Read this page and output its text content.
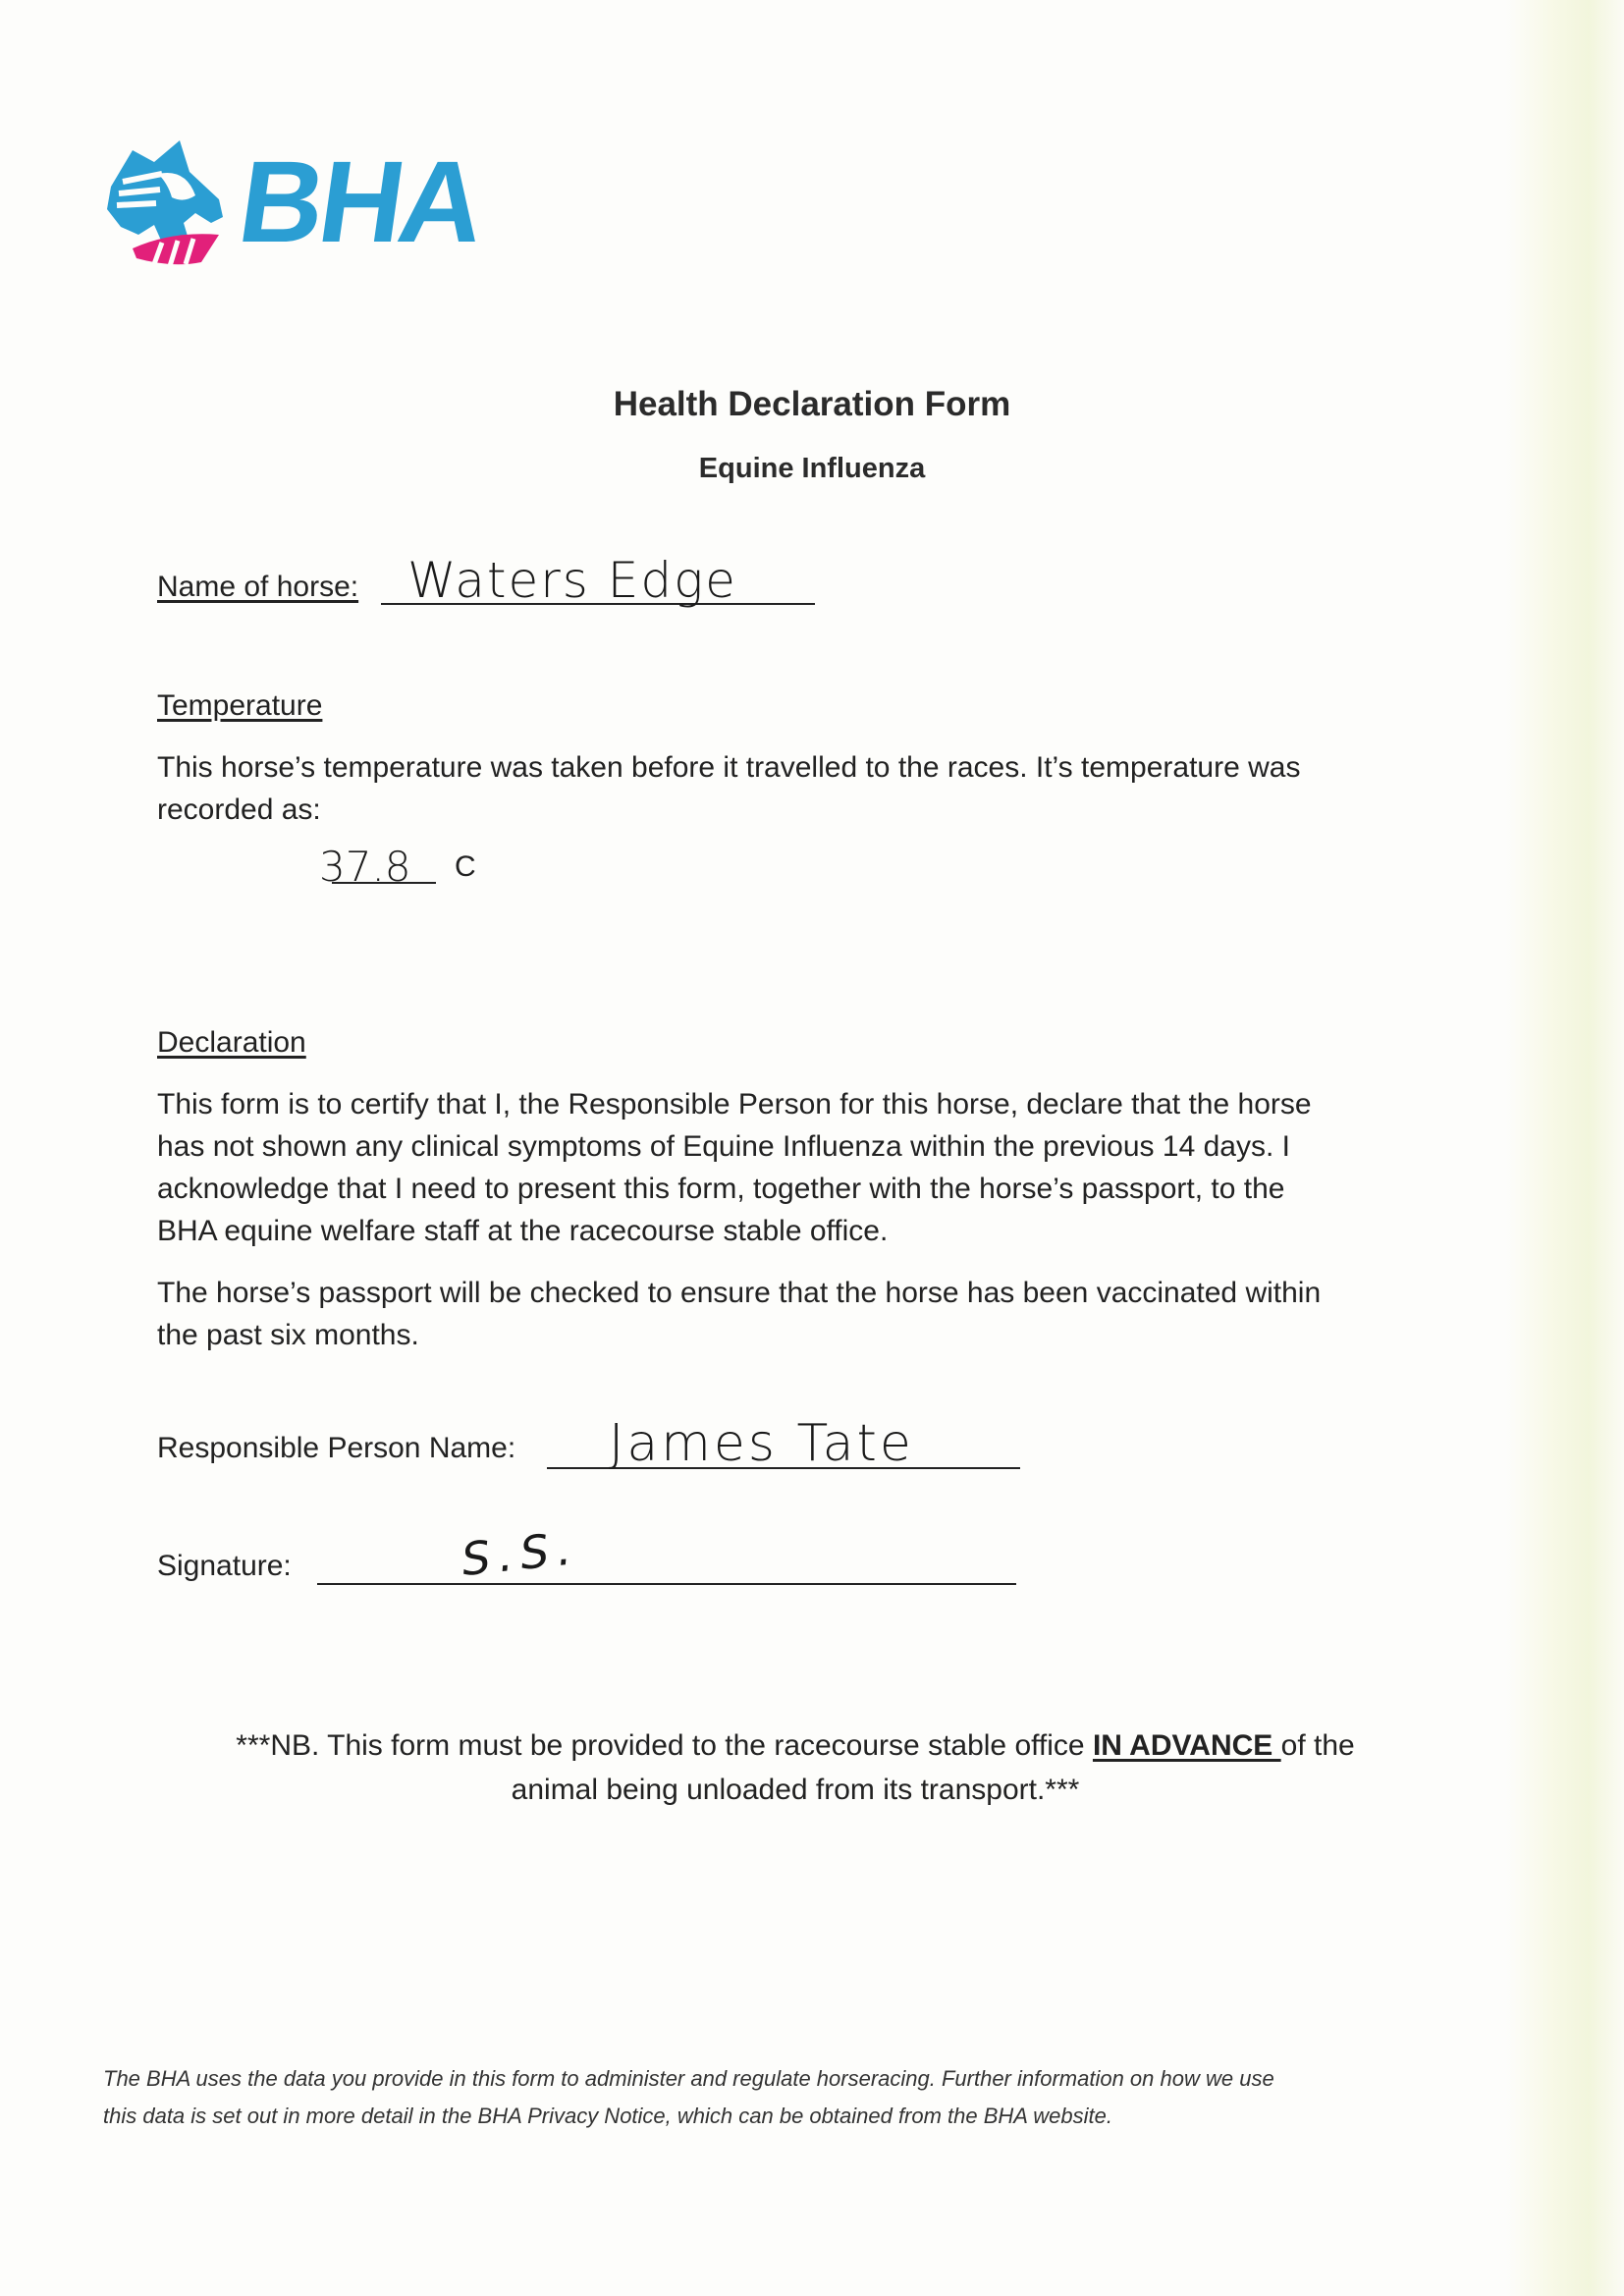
BHA
Health Declaration Form
Equine Influenza
Name of horse: Waters Edge
Temperature
This horse’s temperature was taken before it travelled to the races. It’s temperature was
recorded as:
37.8 C
Declaration
This form is to certify that I, the Responsible Person for this horse, declare that the horse
has not shown any clinical symptoms of Equine Influenza within the previous 14 days. I
acknowledge that I need to present this form, together with the horse’s passport, to the
BHA equine welfare staff at the racecourse stable office.
The horse’s passport will be checked to ensure that the horse has been vaccinated within
the past six months.
Responsible Person Name: James Tate
Signature:	S.S.
***NB. This form must be provided to the racecourse stable office IN ADVANCE of the
animal being unloaded from its transport.***
The BHA uses the data you provide in this form to administer and regulate horseracing. Further information on how we use
this data is set out in more detail in the BHA Privacy Notice, which can be obtained from the BHA website.
